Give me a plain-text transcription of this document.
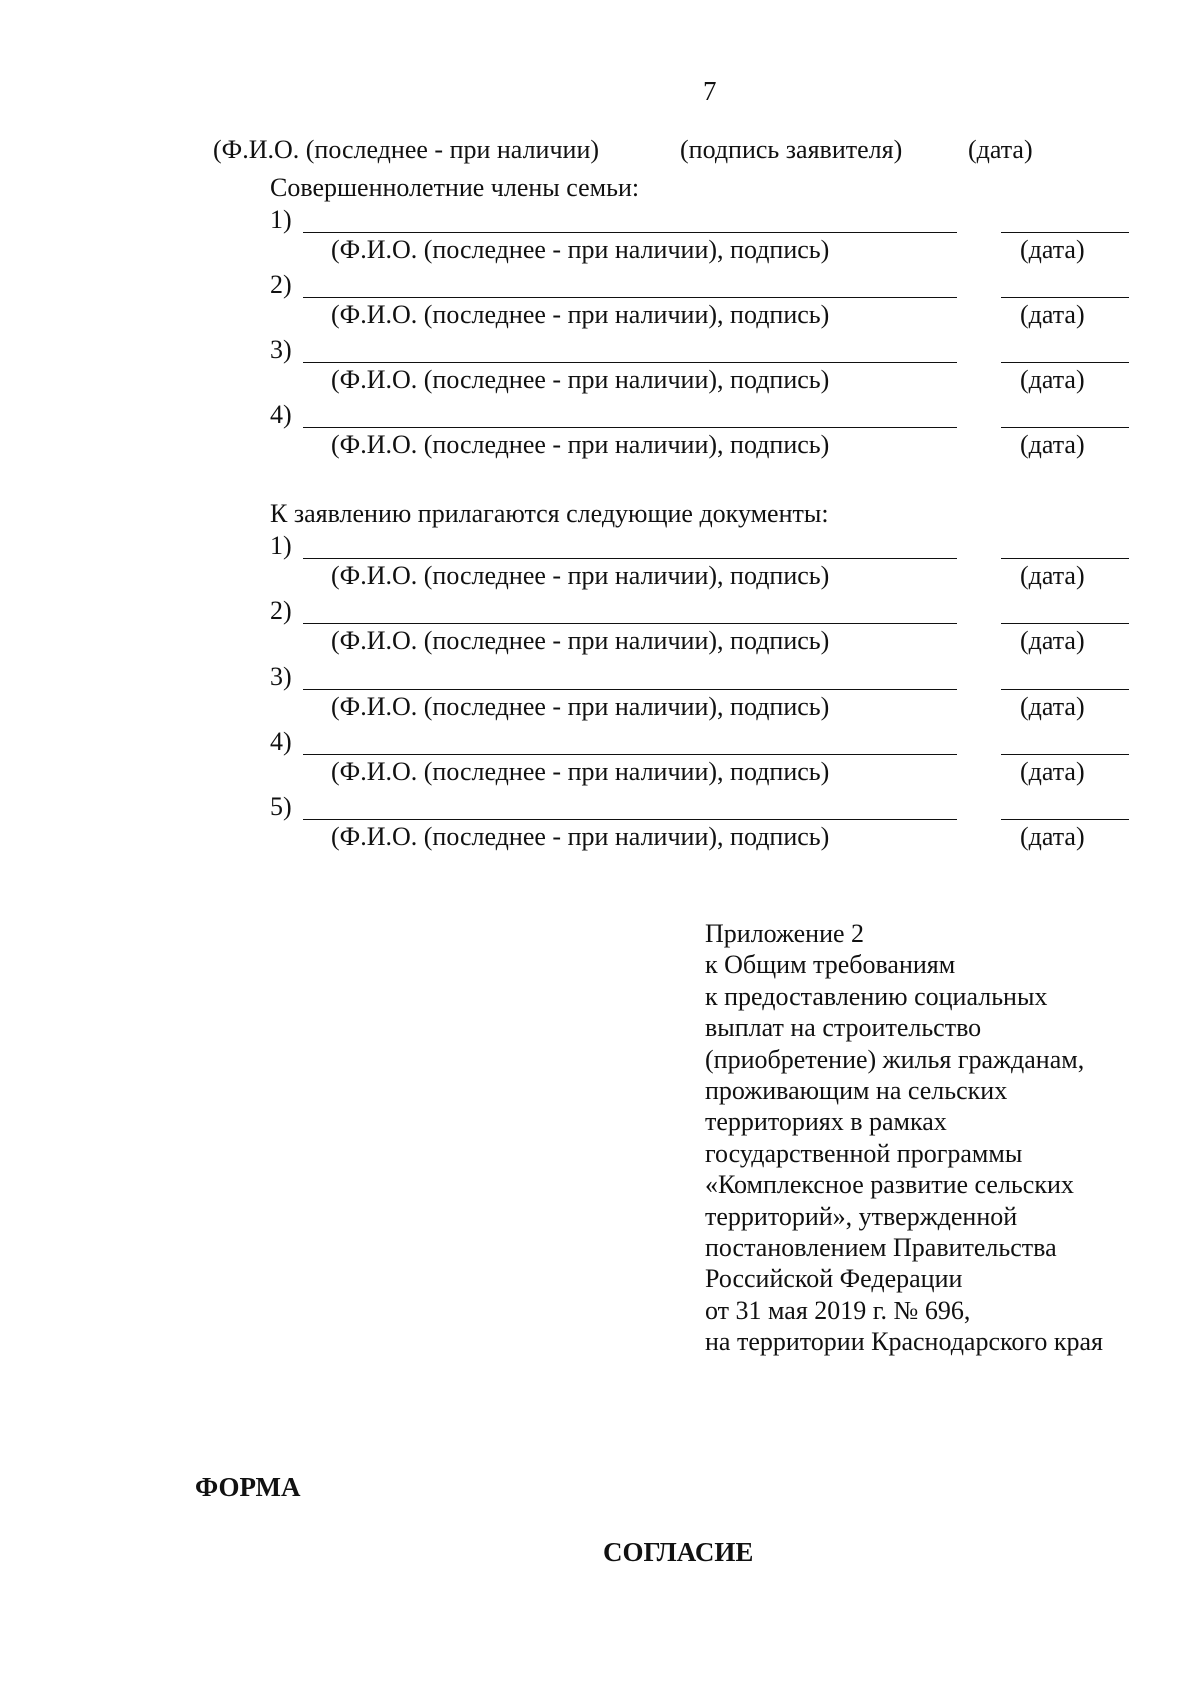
7
(Ф.И.О. (последнее - при наличии)	(подпись заявителя)	(дата)
Совершеннолетние члены семьи:
1)
(Ф.И.О. (последнее - при наличии), подпись)	(дата)
2)
(Ф.И.О. (последнее - при наличии), подпись)	(дата)
3)
(Ф.И.О. (последнее - при наличии), подпись)	(дата)
4)
(Ф.И.О. (последнее - при наличии), подпись)	(дата)
К заявлению прилагаются следующие документы:
1)
(Ф.И.О. (последнее - при наличии), подпись)	(дата)
2)
(Ф.И.О. (последнее - при наличии), подпись)	(дата)
3)
(Ф.И.О. (последнее - при наличии), подпись)	(дата)
4)
(Ф.И.О. (последнее - при наличии), подпись)	(дата)
5)
(Ф.И.О. (последнее - при наличии), подпись)	(дата)
Приложение 2
к Общим требованиям
к предоставлению социальных
выплат на строительство
(приобретение) жилья гражданам,
проживающим на сельских
территориях в рамках
государственной программы
«Комплексное развитие сельских
территорий», утвержденной
постановлением Правительства
Российской Федерации
от 31 мая 2019 г. № 696,
на территории Краснодарского края
ФОРМА
СОГЛАСИЕ
